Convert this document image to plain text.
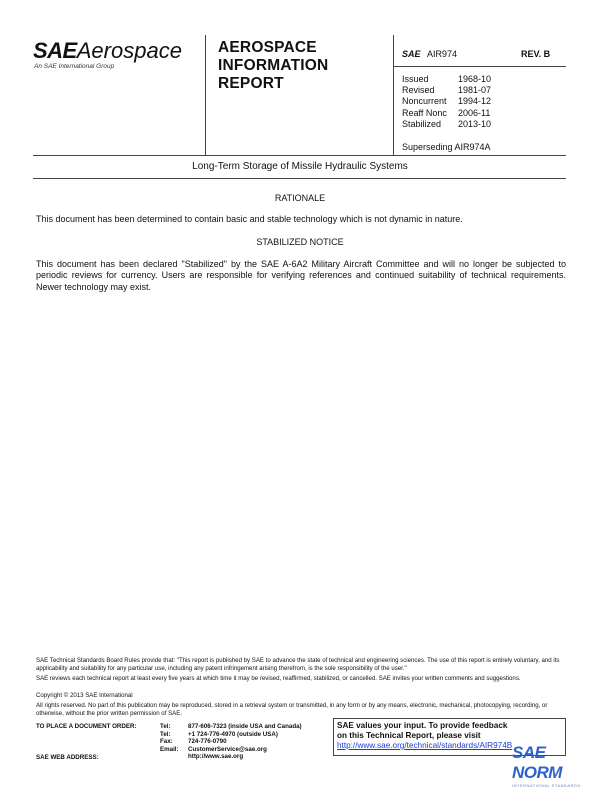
SAEAerospace
An SAE International Group
AEROSPACE
INFORMATION
REPORT
SAE AIR974	REV. B
Issued	1968-10
Revised	1981-07
Noncurrent	1994-12
Reaff Nonc	2006-11
Stabilized	2013-10
Superseding AIR974A
Long-Term Storage of Missile Hydraulic Systems
RATIONALE
This document has been determined to contain basic and stable technology which is not dynamic in nature.
STABILIZED NOTICE
This document has been declared "Stabilized" by the SAE A-6A2 Military Aircraft Committee and will no longer be subjected to periodic reviews for currency. Users are responsible for verifying references and continued suitability of technical requirements. Newer technology may exist.
SAE Technical Standards Board Rules provide that: "This report is published by SAE to advance the state of technical and engineering sciences. The use of this report is entirely voluntary, and its applicability and suitability for any particular use, including any patent infringement arising therefrom, is the sole responsibility of the user."
SAE reviews each technical report at least every five years at which time it may be revised, reaffirmed, stabilized, or cancelled. SAE invites your written comments and suggestions.
Copyright © 2013 SAE International
All rights reserved. No part of this publication may be reproduced, stored in a retrieval system or transmitted, in any form or by any means, electronic, mechanical, photocopying, recording, or otherwise, without the prior written permission of SAE.
TO PLACE A DOCUMENT ORDER:
SAE WEB ADDRESS:
Tel:	877-606-7323 (inside USA and Canada)
Tel:	+1 724-776-4970 (outside USA)
Fax:	724-776-0790
Email:	CustomerService@sae.org
http://www.sae.org
SAE values your input. To provide feedback
on this Technical Report, please visit
http://www.sae.org/technical/standards/AIR974B SAE NORM
INTERNATIONAL STANDARDS
